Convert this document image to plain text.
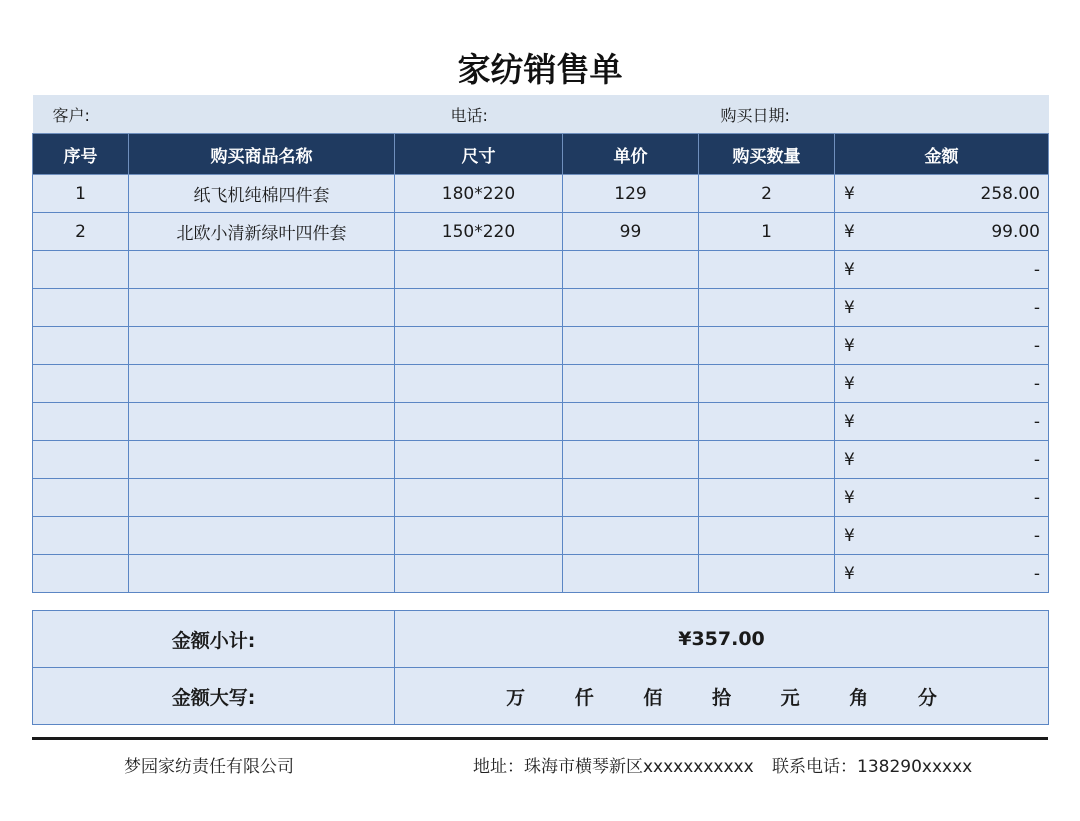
家纺销售单
客户:		电话:		购买日期:	
序号	购买商品名称	尺寸	单价	购买数量	金额
1	纸飞机纯棉四件套	180*220	129	2	¥ 258.00

2	北欧小清新绿叶四件套	150*220	99	1	¥ 99.00

					¥ -

					¥ -

					¥ -

					¥ -

					¥ -

					¥ -

					¥ -

					¥ -

					¥ -
金额小计:	¥357.00
金额大写:	万 仟 佰 拾 元 角 分
梦园家纺责任有限公司	地址：珠海市横琴新区xxxxxxxxxxx 联系电话：138290xxxxx
